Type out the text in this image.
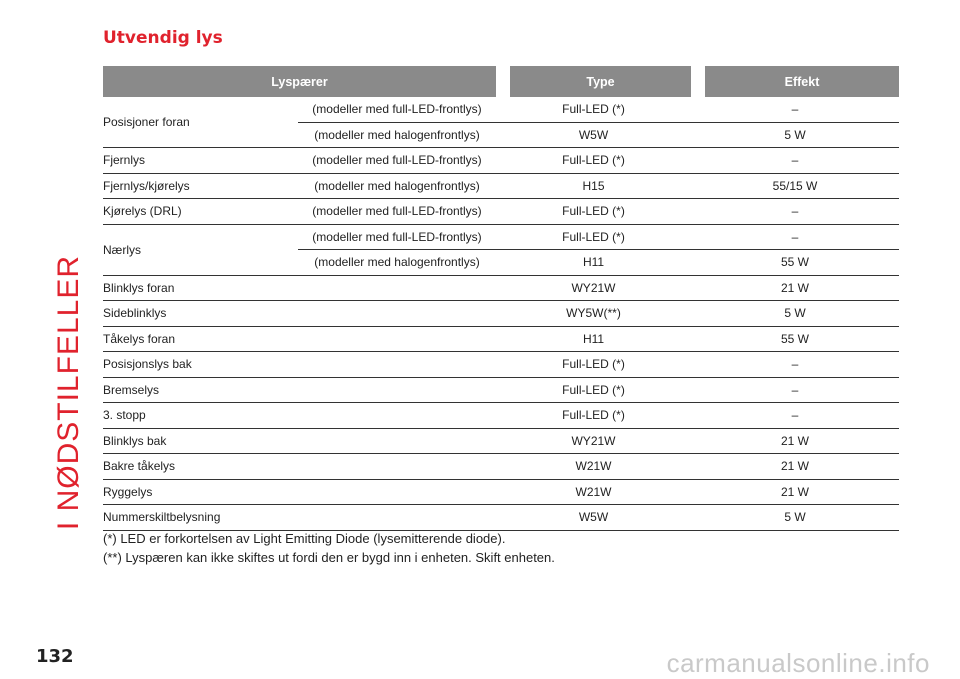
I NØDSTILFELLER
Utvendig lys
Lyspærer	Type	Effekt
Posisjoner foran
(modeller med full-LED-frontlys)	Full-LED (*)	–
(modeller med halogenfrontlys)	W5W	5 W
Fjernlys	(modeller med full-LED-frontlys)	Full-LED (*)	–
Fjernlys/kjørelys	(modeller med halogenfrontlys)	H15	55/15 W
Kjørelys (DRL)	(modeller med full-LED-frontlys)	Full-LED (*)	–
Nærlys
(modeller med full-LED-frontlys)	Full-LED (*)	–
(modeller med halogenfrontlys)	H11	55 W
Blinklys foran	WY21W	21 W
Sideblinklys	WY5W(**)	5 W
Tåkelys foran	H11	55 W
Posisjonslys bak	Full-LED (*)	–
Bremselys	Full-LED (*)	–
3. stopp	Full-LED (*)	–
Blinklys bak	WY21W	21 W
Bakre tåkelys	W21W	21 W
Ryggelys	W21W	21 W
Nummerskiltbelysning	W5W	5 W
(*) LED er forkortelsen av Light Emitting Diode (lysemitterende diode).
(**) Lyspæren kan ikke skiftes ut fordi den er bygd inn i enheten. Skift enheten.
132	carmanualsonline.info
